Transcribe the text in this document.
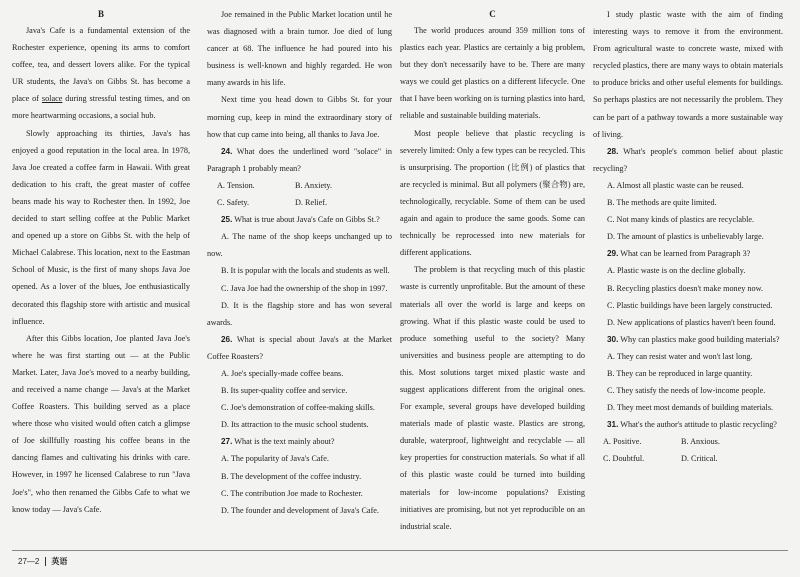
B

Java's Cafe is a fundamental extension of the Rochester experience, opening its arms to comfort coffee, tea, and dessert lovers alike. For the typical UR students, the Java's on Gibbs St. has become a place of solace during stressful testing times, and on more heartwarming occasions, a social hub.

Slowly approaching its thirties, Java's has enjoyed a good reputation in the local area. In 1978, Java Joe created a coffee farm in Hawaii. With great dedication to his craft, the great master of coffee beans made his way to Rochester then. In 1992, Joe decided to start selling coffee at the Public Market and opened up a store on Gibbs St. with the help of Michael Calabrese. This location, next to the Eastman School of Music, is the first of many shops Java Joe opened. As a lover of the blues, Joe enthusiastically decorated this flagship store with artistic and musical influence.

After this Gibbs location, Joe planted Java Joe's where he was first starting out — at the Public Market. Later, Java Joe's moved to a nearby building, and received a name change — Java's at the Market Coffee Roasters. This building served as a place where those who visited would often catch a glimpse of Joe skillfully roasting his coffee beans in the dancing flames and cultivating his drinks with care. However, in 1997 he licensed Calabrese to run "Java Joe's", who then renamed the Gibbs Cafe to what we know today — Java's Cafe.

Joe remained in the Public Market location until he was diagnosed with a brain tumor. Joe died of lung cancer at 68. The influence he had poured into his business is well-known and highly regarded. He won many awards in his life.

Next time you head down to Gibbs St. for your morning cup, keep in mind the extraordinary story of how that cup came into being, all thanks to Java Joe.

24. What does the underlined word "solace" in Paragraph 1 probably mean?

A. Tension.	B. Anxiety.
C. Safety.	D. Relief.

25. What is true about Java's Cafe on Gibbs St.?

A. The name of the shop keeps unchanged up to now.

B. It is popular with the locals and students as well.

C. Java Joe had the ownership of the shop in 1997.

D. It is the flagship store and has won several awards.

26. What is special about Java's at the Market Coffee Roasters?

A. Joe's specially-made coffee beans.

B. Its super-quality coffee and service.

C. Joe's demonstration of coffee-making skills.

D. Its attraction to the music school students.

27. What is the text mainly about?

A. The popularity of Java's Cafe.

B. The development of the coffee industry.

C. The contribution Joe made to Rochester.

D. The founder and development of Java's Cafe.

C

The world produces around 359 million tons of plastics each year. Plastics are certainly a big problem, but they don't necessarily have to be. There are many ways we could get plastics on a different lifecycle. One that I have been working on is turning plastics into hard, reliable and sustainable building materials.

Most people believe that plastic recycling is severely limited: Only a few types can be recycled. This is unsurprising. The proportion (比例) of plastics that are recycled is minimal. But all polymers (聚合物) are, technologically, recyclable. Some of them can be used again and again to produce the same goods. Some can technically be reprocessed into new materials for different applications.

The problem is that recycling much of this plastic waste is currently unprofitable. But the amount of these materials all over the world is large and keeps on growing. What if this plastic waste could be used to produce something useful to the society? Many universities and business people are attempting to do this. Most solutions target mixed plastic waste and suggest applications different from the original ones. For example, several groups have developed building materials made of plastic waste. Plastics are strong, durable, waterproof, lightweight and recyclable — all key properties for construction materials. So what if all of this plastic waste could be turned into building materials for low-income populations? Existing initiatives are promising, but not yet reproducible on an industrial scale.

I study plastic waste with the aim of finding interesting ways to remove it from the environment. From agricultural waste to concrete waste, mixed with recycled plastics, there are many ways to obtain materials to produce bricks and other useful elements for buildings. So perhaps plastics are not necessarily the problem. They can be part of a pathway towards a more sustainable way of living.

28. What's people's common belief about plastic recycling?

A. Almost all plastic waste can be reused.

B. The methods are quite limited.

C. Not many kinds of plastics are recyclable.

D. The amount of plastics is unbelievably large.

29. What can be learned from Paragraph 3?

A. Plastic waste is on the decline globally.

B. Recycling plastics doesn't make money now.

C. Plastic buildings have been largely constructed.

D. New applications of plastics haven't been found.

30. Why can plastics make good building materials?

A. They can resist water and won't last long.

B. They can be reproduced in large quantity.

C. They satisfy the needs of low-income people.

D. They meet most demands of building materials.

31. What's the author's attitude to plastic recycling?

A. Positive.	B. Anxious.
C. Doubtful.	D. Critical.
27—2	英语
